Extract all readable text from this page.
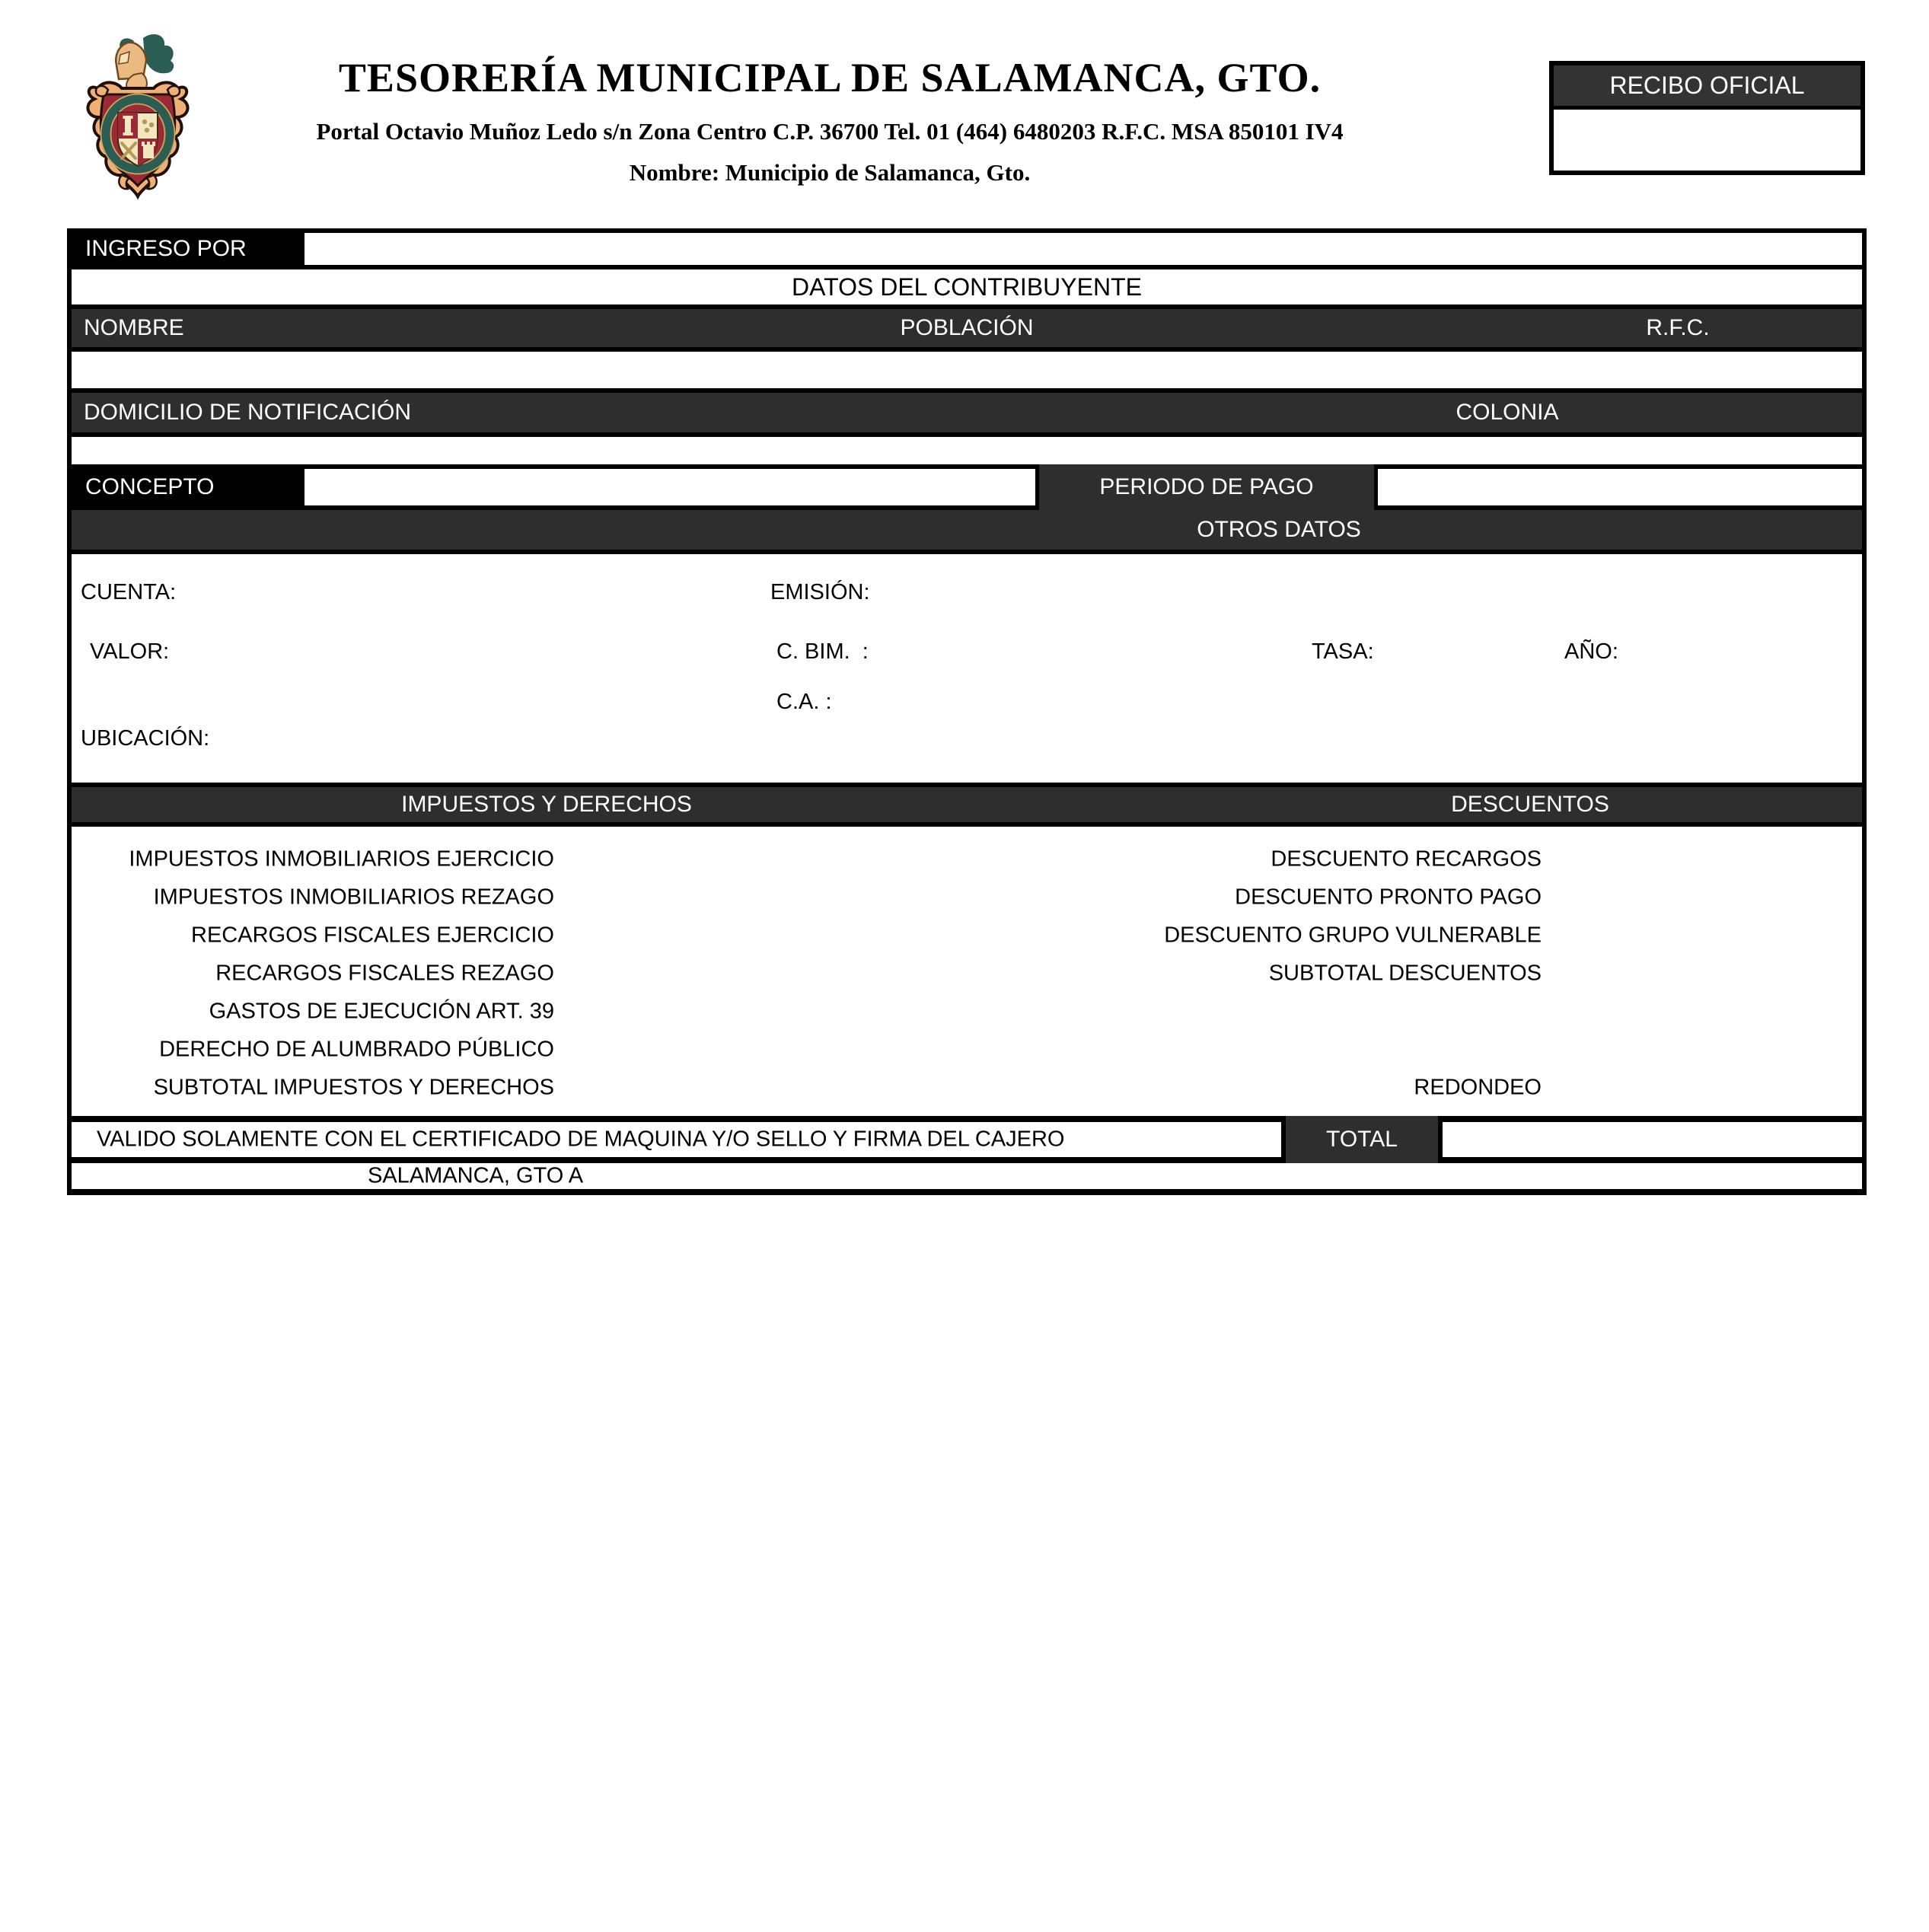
TESORERÍA MUNICIPAL DE SALAMANCA, GTO.
Portal Octavio Muñoz Ledo s/n Zona Centro C.P. 36700 Tel. 01 (464) 6480203 R.F.C. MSA 850101 IV4
Nombre: Municipio de Salamanca, Gto.
RECIBO OFICIAL
INGRESO POR
DATOS DEL CONTRIBUYENTE
NOMBRE	POBLACIÓN	R.F.C.
DOMICILIO DE NOTIFICACIÓN	COLONIA
CONCEPTO	PERIODO DE PAGO
OTROS DATOS
CUENTA:	EMISIÓN:
VALOR:	C. BIM.  :	TASA:	AÑO:
C.A. :
UBICACIÓN:
IMPUESTOS Y DERECHOS	DESCUENTOS
IMPUESTOS INMOBILIARIOS EJERCICIO	DESCUENTO RECARGOS
IMPUESTOS INMOBILIARIOS REZAGO	DESCUENTO PRONTO PAGO
RECARGOS FISCALES EJERCICIO	DESCUENTO GRUPO VULNERABLE
RECARGOS FISCALES REZAGO	SUBTOTAL DESCUENTOS
GASTOS DE EJECUCIÓN ART. 39
DERECHO DE ALUMBRADO PÚBLICO
SUBTOTAL IMPUESTOS Y DERECHOS	REDONDEO
VALIDO SOLAMENTE CON EL CERTIFICADO DE MAQUINA Y/O SELLO Y FIRMA DEL CAJERO	TOTAL
SALAMANCA, GTO A
